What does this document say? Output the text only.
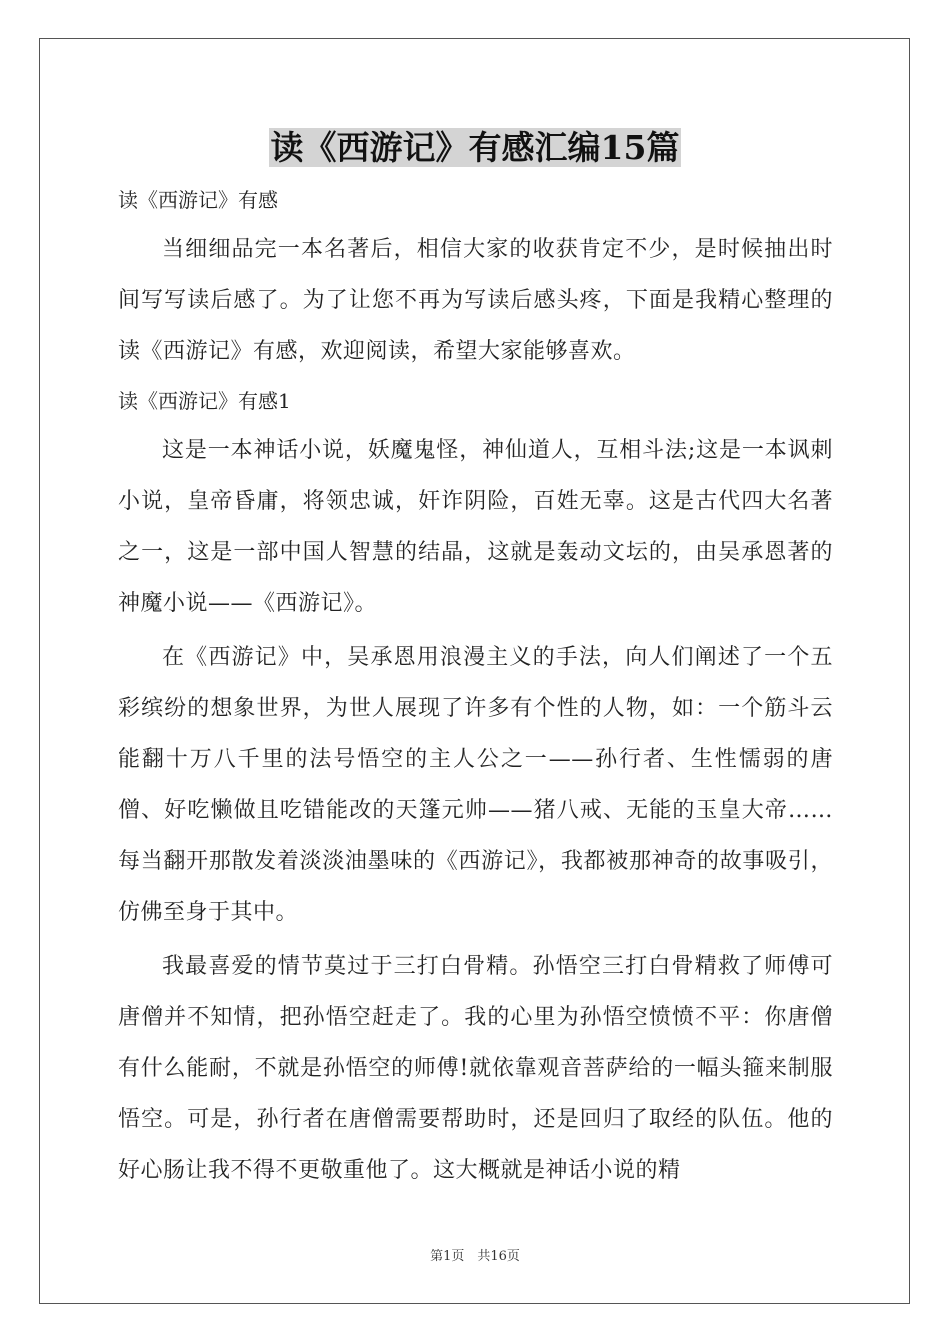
读《西游记》有感汇编15篇

读《西游记》有感

当细细品完一本名著后，相信大家的收获肯定不少，是时候抽出时间写写读后感了。为了让您不再为写读后感头疼，下面是我精心整理的读《西游记》有感，欢迎阅读，希望大家能够喜欢。

读《西游记》有感1

这是一本神话小说，妖魔鬼怪，神仙道人，互相斗法;这是一本讽刺小说，皇帝昏庸，将领忠诚，奸诈阴险，百姓无辜。这是古代四大名著之一，这是一部中国人智慧的结晶，这就是轰动文坛的，由吴承恩著的神魔小说——《西游记》。

在《西游记》中，吴承恩用浪漫主义的手法，向人们阐述了一个五彩缤纷的想象世界，为世人展现了许多有个性的人物，如：一个筋斗云能翻十万八千里的法号悟空的主人公之一——孙行者、生性懦弱的唐僧、好吃懒做且吃错能改的天篷元帅——猪八戒、无能的玉皇大帝……每当翻开那散发着淡淡油墨味的《西游记》，我都被那神奇的故事吸引，仿佛至身于其中。

我最喜爱的情节莫过于三打白骨精。孙悟空三打白骨精救了师傅可唐僧并不知情，把孙悟空赶走了。我的心里为孙悟空愤愤不平：你唐僧有什么能耐，不就是孙悟空的师傅!就依靠观音菩萨给的一幅头箍来制服悟空。可是，孙行者在唐僧需要帮助时，还是回归了取经的队伍。他的好心肠让我不得不更敬重他了。这大概就是神话小说的精

第1页　共16页
